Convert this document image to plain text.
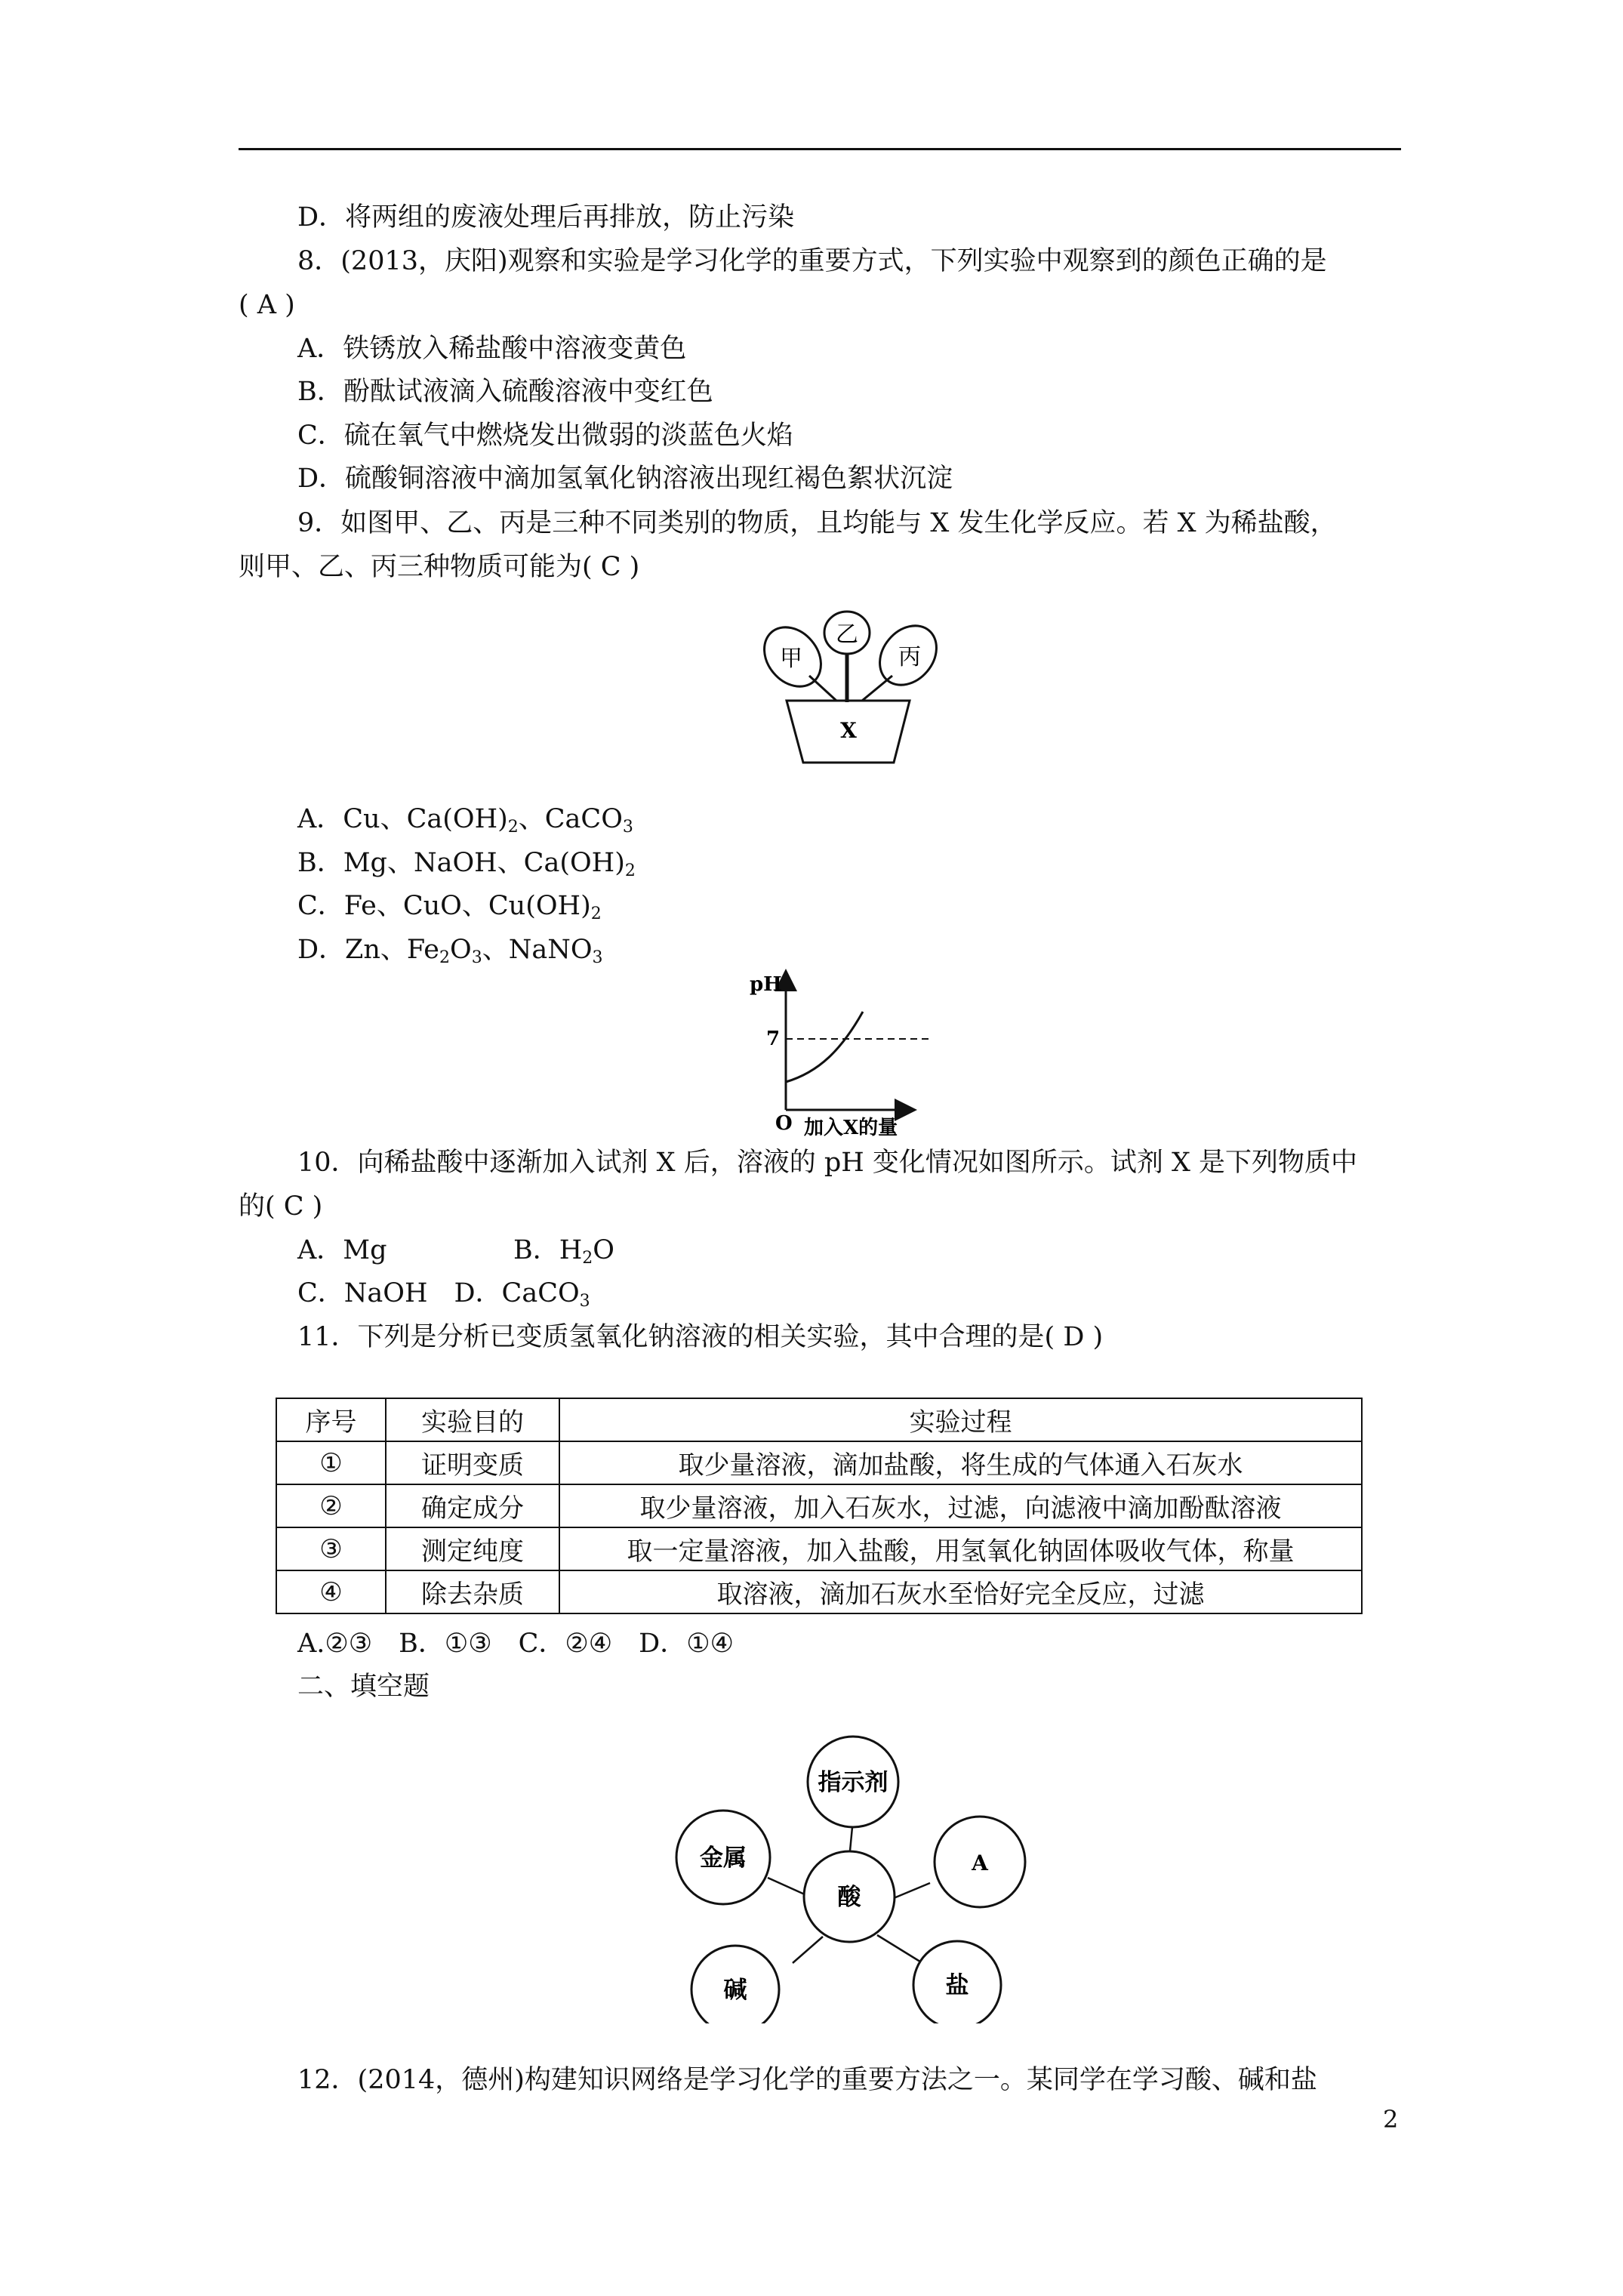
D．将两组的废液处理后再排放，防止污染
8．(2013，庆阳)观察和实验是学习化学的重要方式，下列实验中观察到的颜色正确的是
( A )
A．铁锈放入稀盐酸中溶液变黄色
B．酚酞试液滴入硫酸溶液中变红色
C．硫在氧气中燃烧发出微弱的淡蓝色火焰
D．硫酸铜溶液中滴加氢氧化钠溶液出现红褐色絮状沉淀
9．如图甲、乙、丙是三种不同类别的物质，且均能与 X 发生化学反应。若 X 为稀盐酸，
则甲、乙、丙三种物质可能为( C )
甲
乙
丙
X
A．Cu、$Ca(OH)_2$、CaCO$_3$
B．Mg、NaOH、$Ca(OH)_2$
C．Fe、CuO、$Cu(OH)_2$
D．Zn、$Fe_2O_3$、NaNO$_3$
pH
7
O 加入X的量
10．向稀盐酸中逐渐加入试剂 X 后，溶液的 pH 变化情况如图所示。试剂 X 是下列物质中
的( C )
A．Mg	B．$H_2O$
C．NaOH　D．CaCO$_3$
11．下列是分析已变质氢氧化钠溶液的相关实验，其中合理的是( D )
序号	实验目的	实验过程
①	证明变质	取少量溶液，滴加盐酸，将生成的气体通入石灰水
②	确定成分	取少量溶液，加入石灰水，过滤，向滤液中滴加酚酞溶液
③	测定纯度	取一定量溶液，加入盐酸，用氢氧化钠固体吸收气体，称量
④	除去杂质	取溶液，滴加石灰水至恰好完全反应，过滤
A.②③　B．①③　C．②④　D．①④
二、填空题
指示剂
金属	A
酸
碱	盐
12．(2014，德州)构建知识网络是学习化学的重要方法之一。某同学在学习酸、碱和盐
2
